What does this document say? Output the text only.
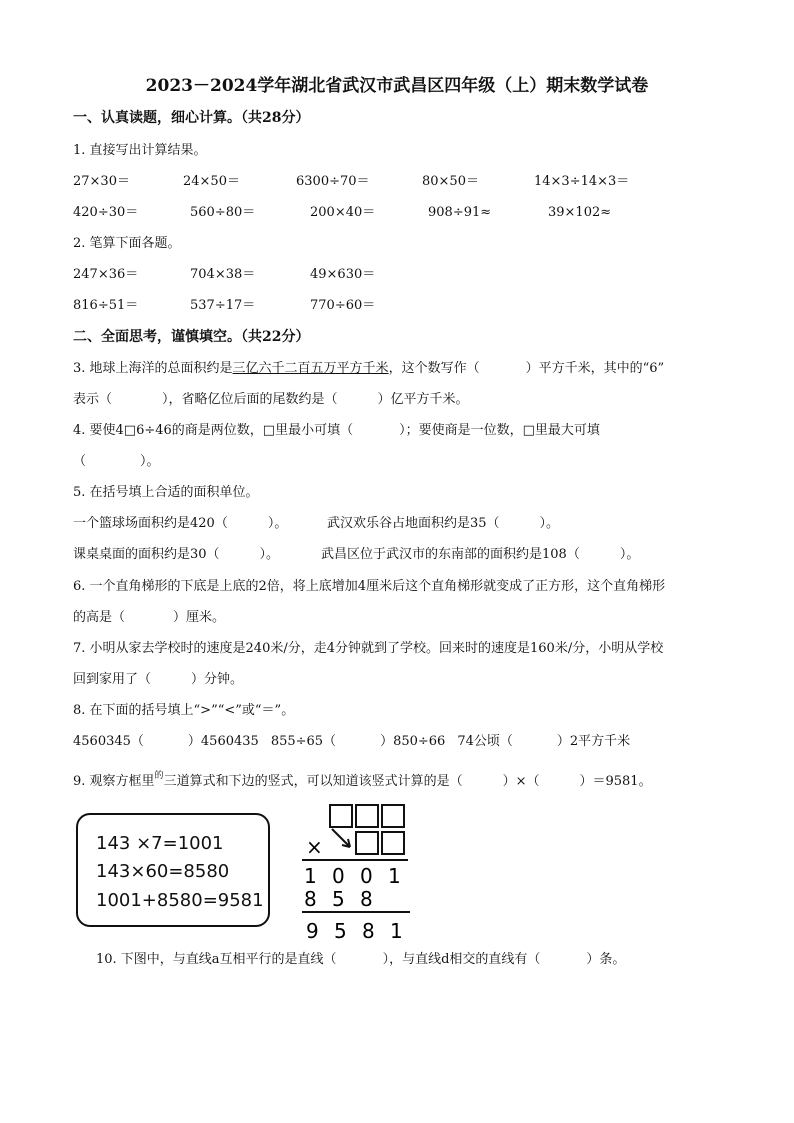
2023－2024学年湖北省武汉市武昌区四年级（上）期末数学试卷
一、认真读题，细心计算。（共28分）
1. 直接写出计算结果。
27×30＝	24×50＝	6300÷70＝	80×50＝	14×3÷14×3＝
420÷30＝	560÷80＝	200×40＝	908÷91≈	39×102≈
2. 笔算下面各题。
247×36＝	704×38＝	49×630＝
816÷51＝	537÷17＝	770÷60＝
二、全面思考，谨慎填空。（共22分）
3. 地球上海洋的总面积约是三亿六千二百五万平方千米，这个数写作（	）平方千米，其中的“6”
表示（	），省略亿位后面的尾数约是（	）亿平方千米。
4. 要使4□6÷46的商是两位数，□里最小可填（	）；要使商是一位数，□里最大可填
（	）。
5. 在括号填上合适的面积单位。
一个篮球场面积约是420（	）。	武汉欢乐谷占地面积约是35（	）。
课桌桌面的面积约是30（	）。	武昌区位于武汉市的东南部的面积约是108（	）。
6. 一个直角梯形的下底是上底的2倍，将上底增加4厘米后这个直角梯形就变成了正方形，这个直角梯形
的高是（	）厘米。
7. 小明从家去学校时的速度是240米/分，走4分钟就到了学校。回来时的速度是160米/分，小明从学校
回到家用了（	）分钟。
8. 在下面的括号填上“>”“<”或“＝”。
4560345（	）4560435 855÷65（	）850÷66 74公顷（	）2平方千米
9. 观察方框里$^的$三道算式和下边的竖式，可以知道该竖式计算的是（	）×（	）＝9581。
143 ×7=1001
143×60=8580
1001+8580=9581
×
1 0 0 1
8 5 8
9 5 8 1
10. 下图中，与直线a互相平行的是直线（	），与直线d相交的直线有（	）条。
